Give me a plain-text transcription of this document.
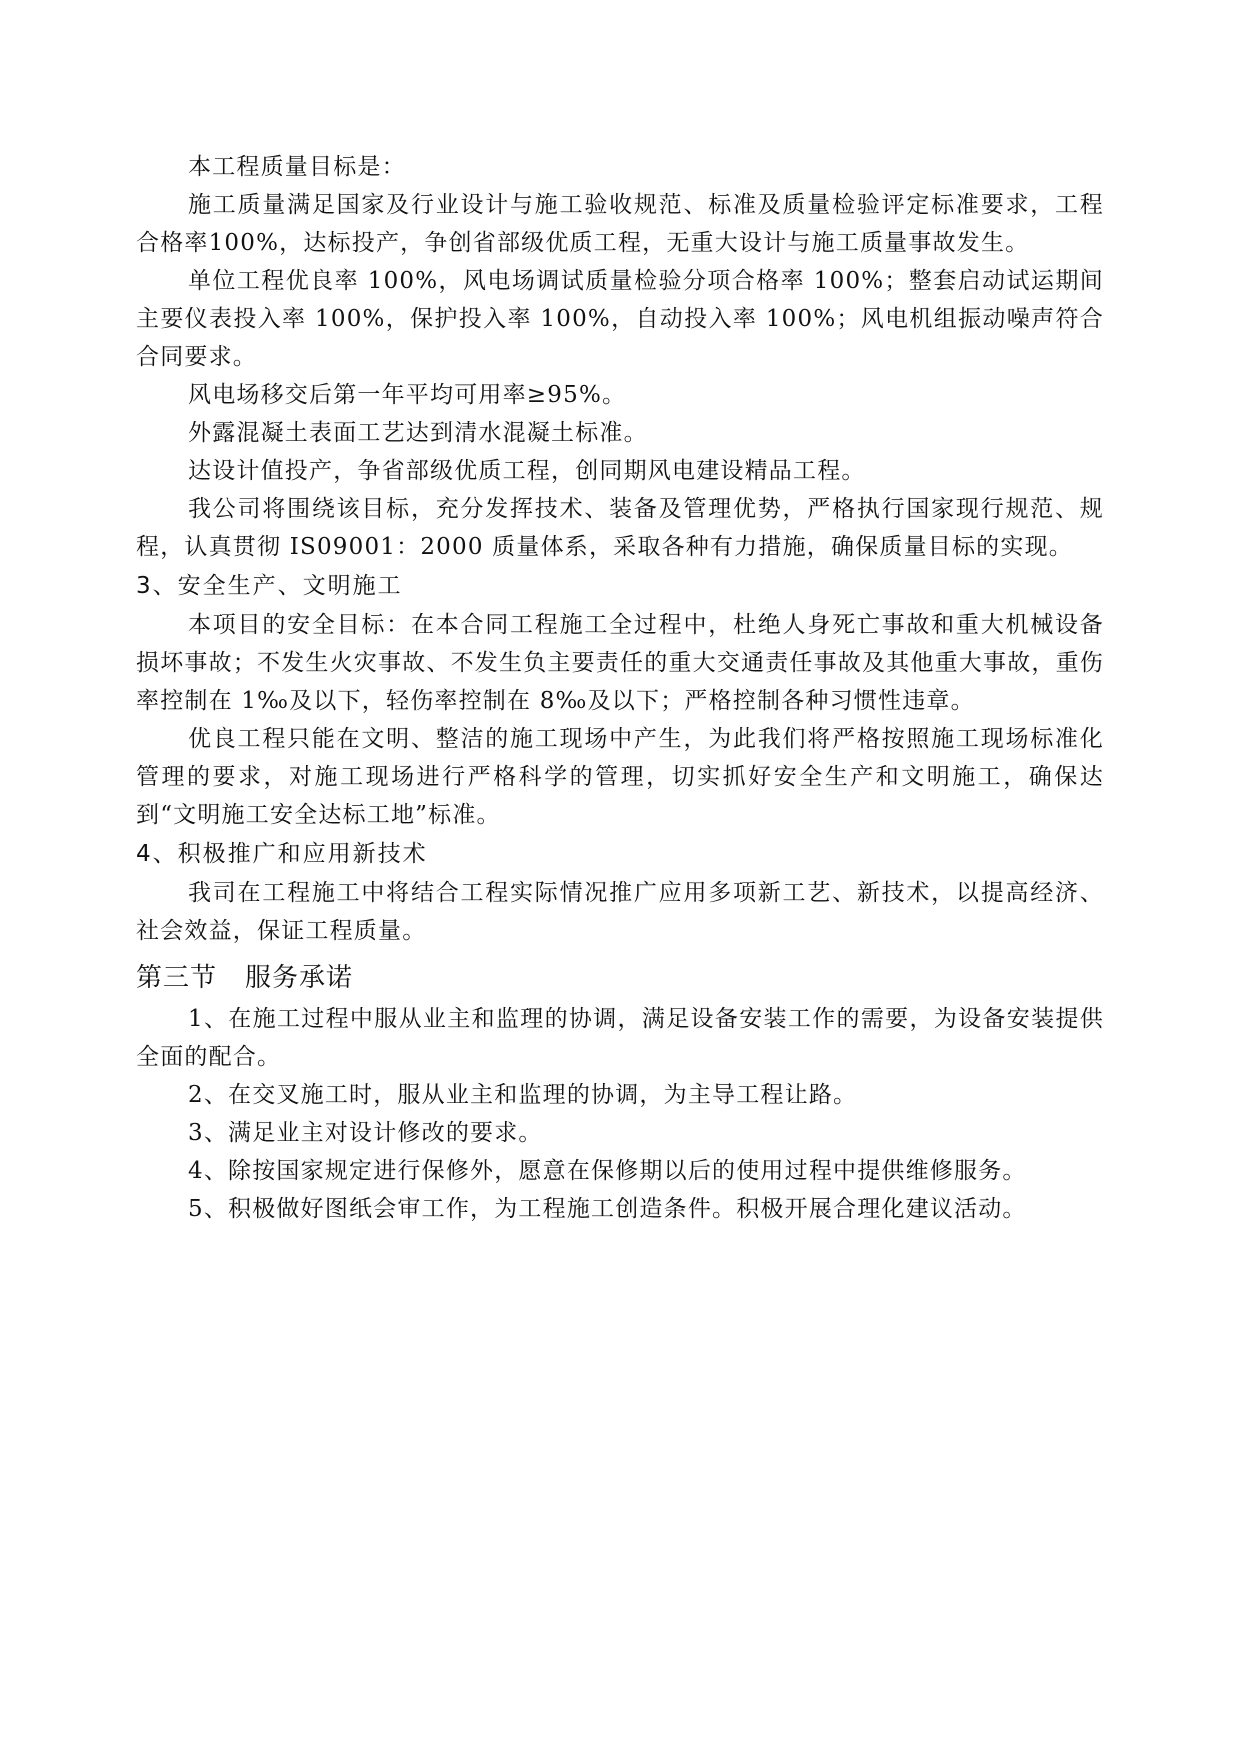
本工程质量目标是：

施工质量满足国家及行业设计与施工验收规范、标准及质量检验评定标准要求，工程合格率100%，达标投产，争创省部级优质工程，无重大设计与施工质量事故发生。

单位工程优良率 100%，风电场调试质量检验分项合格率 100%；整套启动试运期间主要仪表投入率 100%，保护投入率 100%，自动投入率 100%；风电机组振动噪声符合合同要求。

风电场移交后第一年平均可用率≥95%。

外露混凝土表面工艺达到清水混凝土标准。

达设计值投产，争省部级优质工程，创同期风电建设精品工程。

我公司将围绕该目标，充分发挥技术、装备及管理优势，严格执行国家现行规范、规程，认真贯彻 IS09001：2000 质量体系，采取各种有力措施，确保质量目标的实现。

3、安全生产、文明施工

本项目的安全目标：在本合同工程施工全过程中，杜绝人身死亡事故和重大机械设备损坏事故；不发生火灾事故、不发生负主要责任的重大交通责任事故及其他重大事故，重伤率控制在 1‰及以下，轻伤率控制在 8‰及以下；严格控制各种习惯性违章。

优良工程只能在文明、整洁的施工现场中产生，为此我们将严格按照施工现场标准化管理的要求，对施工现场进行严格科学的管理，切实抓好安全生产和文明施工，确保达到“文明施工安全达标工地”标准。

4、积极推广和应用新技术

我司在工程施工中将结合工程实际情况推广应用多项新工艺、新技术，以提高经济、社会效益，保证工程质量。

第三节 服务承诺

1、在施工过程中服从业主和监理的协调，满足设备安装工作的需要，为设备安装提供全面的配合。

2、在交叉施工时，服从业主和监理的协调，为主导工程让路。

3、满足业主对设计修改的要求。

4、除按国家规定进行保修外，愿意在保修期以后的使用过程中提供维修服务。

5、积极做好图纸会审工作，为工程施工创造条件。积极开展合理化建议活动。
